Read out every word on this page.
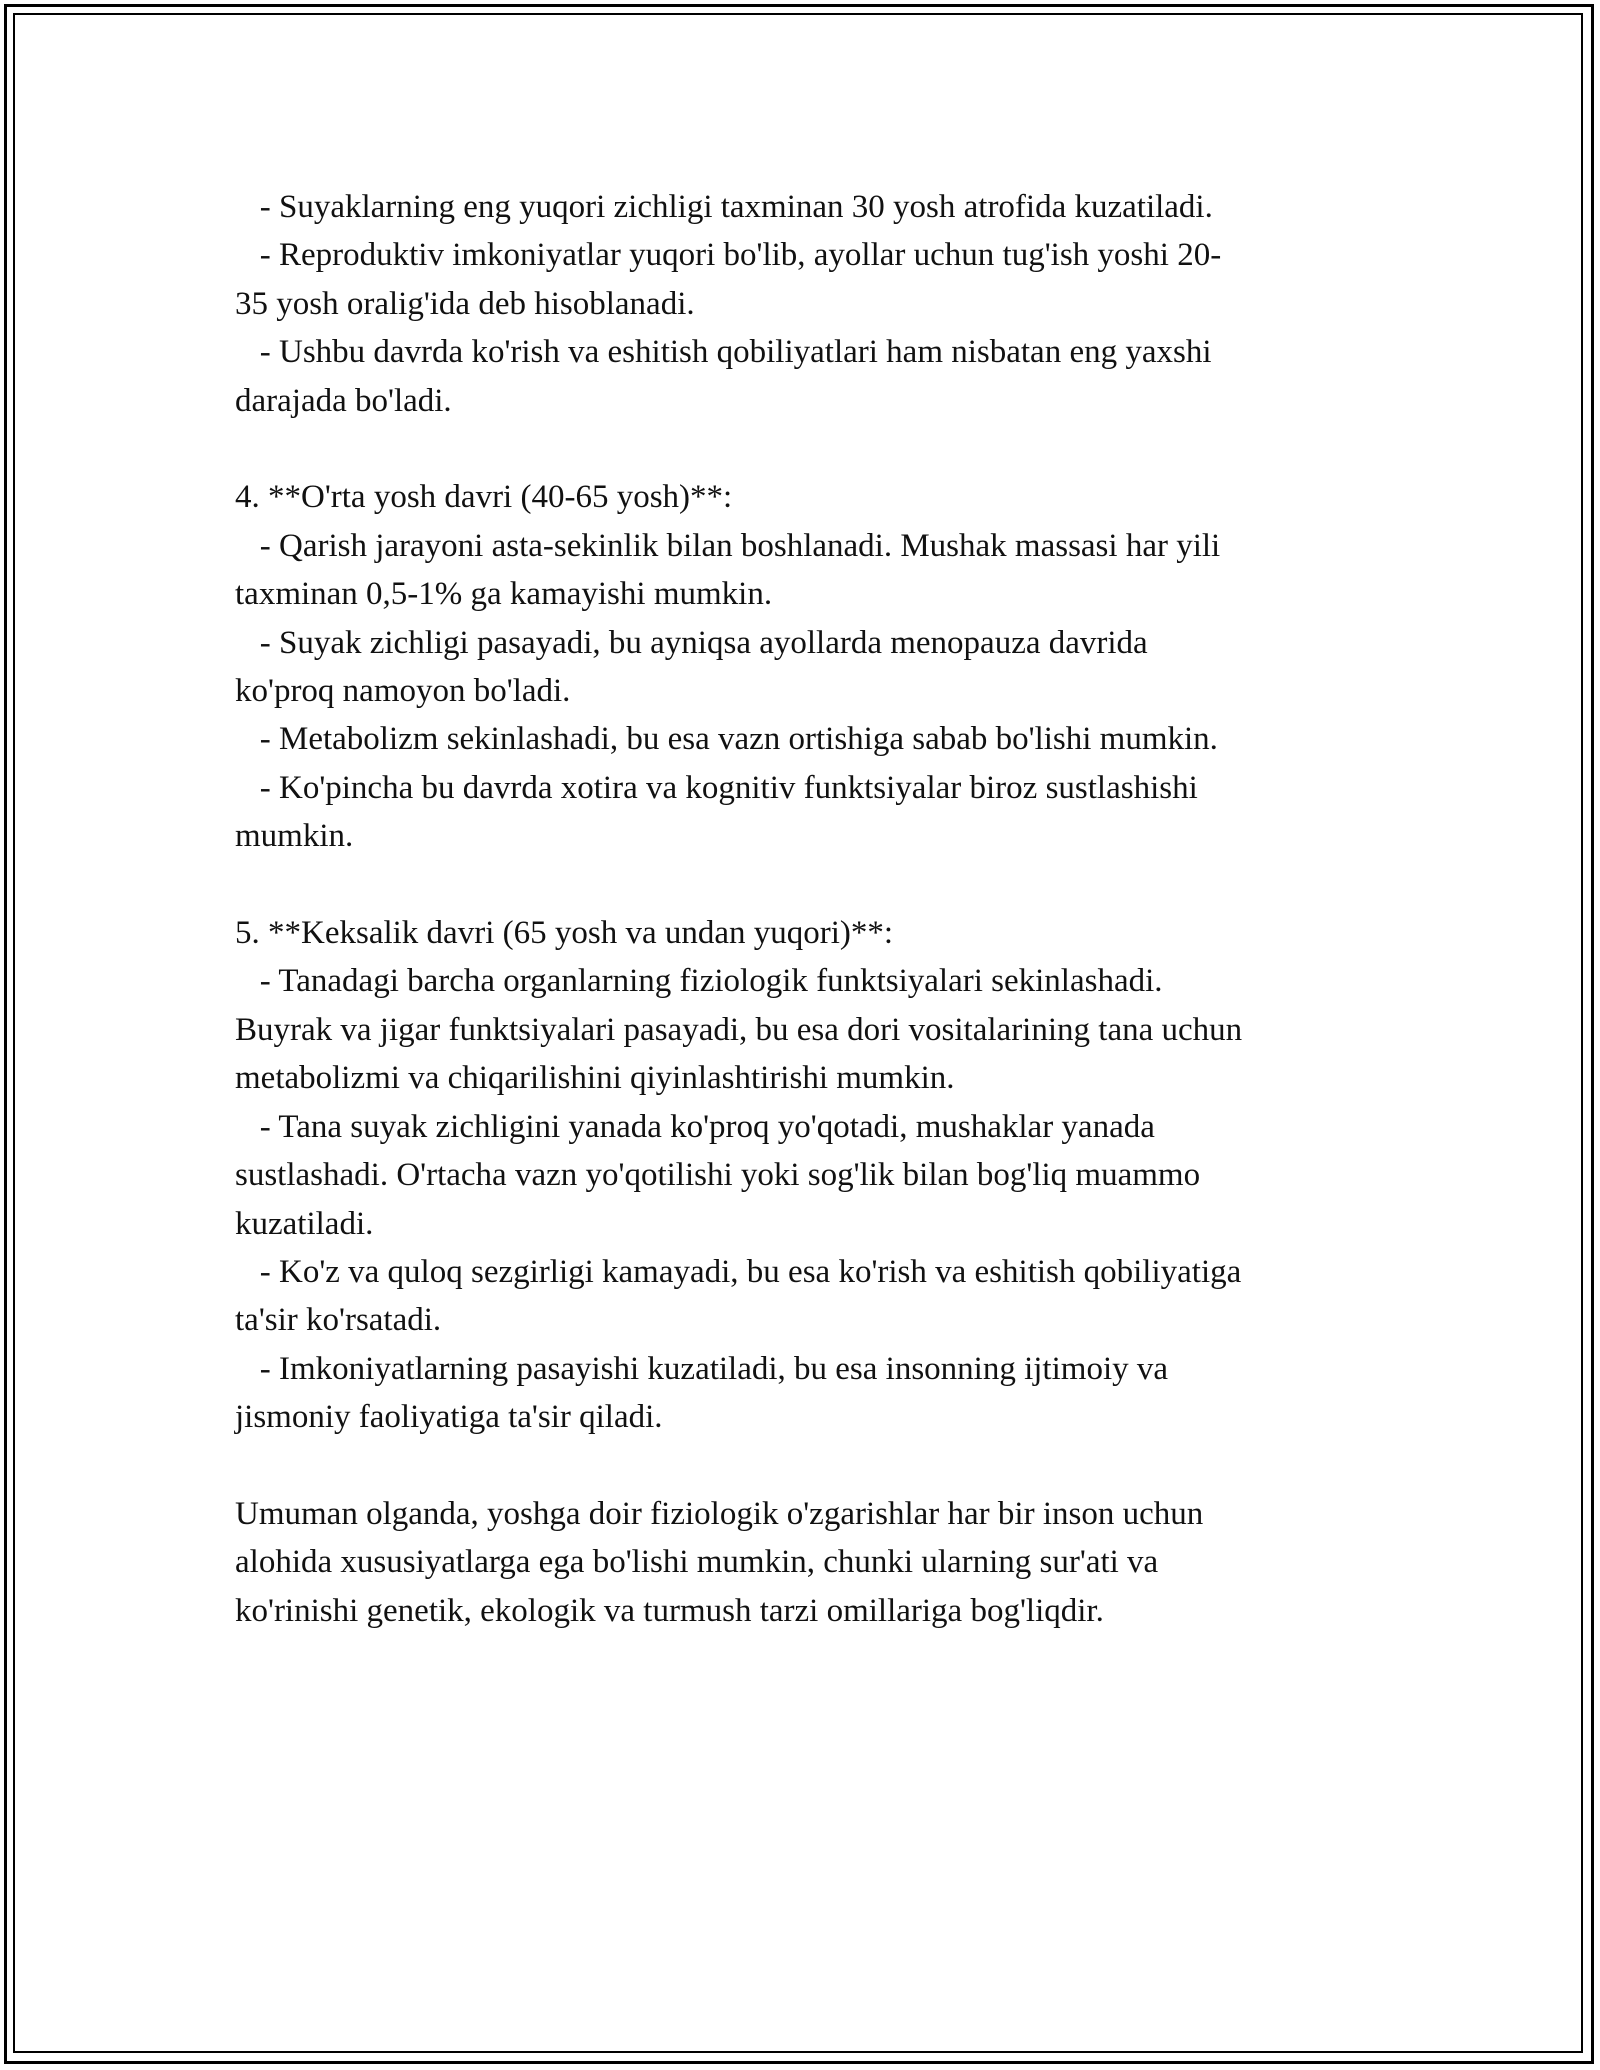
- Suyaklarning eng yuqori zichligi taxminan 30 yosh atrofida kuzatiladi.

- Reproduktiv imkoniyatlar yuqori bo'lib, ayollar uchun tug'ish yoshi 20-

35 yosh oralig'ida deb hisoblanadi.

- Ushbu davrda ko'rish va eshitish qobiliyatlari ham nisbatan eng yaxshi

darajada bo'ladi.

4. **O'rta yosh davri (40-65 yosh)**:

- Qarish jarayoni asta-sekinlik bilan boshlanadi. Mushak massasi har yili

taxminan 0,5-1% ga kamayishi mumkin.

- Suyak zichligi pasayadi, bu ayniqsa ayollarda menopauza davrida

ko'proq namoyon bo'ladi.

- Metabolizm sekinlashadi, bu esa vazn ortishiga sabab bo'lishi mumkin.

- Ko'pincha bu davrda xotira va kognitiv funktsiyalar biroz sustlashishi

mumkin.

5. **Keksalik davri (65 yosh va undan yuqori)**:

- Tanadagi barcha organlarning fiziologik funktsiyalari sekinlashadi.

Buyrak va jigar funktsiyalari pasayadi, bu esa dori vositalarining tana uchun

metabolizmi va chiqarilishini qiyinlashtirishi mumkin.

- Tana suyak zichligini yanada ko'proq yo'qotadi, mushaklar yanada

sustlashadi. O'rtacha vazn yo'qotilishi yoki sog'lik bilan bog'liq muammo

kuzatiladi.

- Ko'z va quloq sezgirligi kamayadi, bu esa ko'rish va eshitish qobiliyatiga

ta'sir ko'rsatadi.

- Imkoniyatlarning pasayishi kuzatiladi, bu esa insonning ijtimoiy va

jismoniy faoliyatiga ta'sir qiladi.

Umuman olganda, yoshga doir fiziologik o'zgarishlar har bir inson uchun

alohida xususiyatlarga ega bo'lishi mumkin, chunki ularning sur'ati va

ko'rinishi genetik, ekologik va turmush tarzi omillariga bog'liqdir.
